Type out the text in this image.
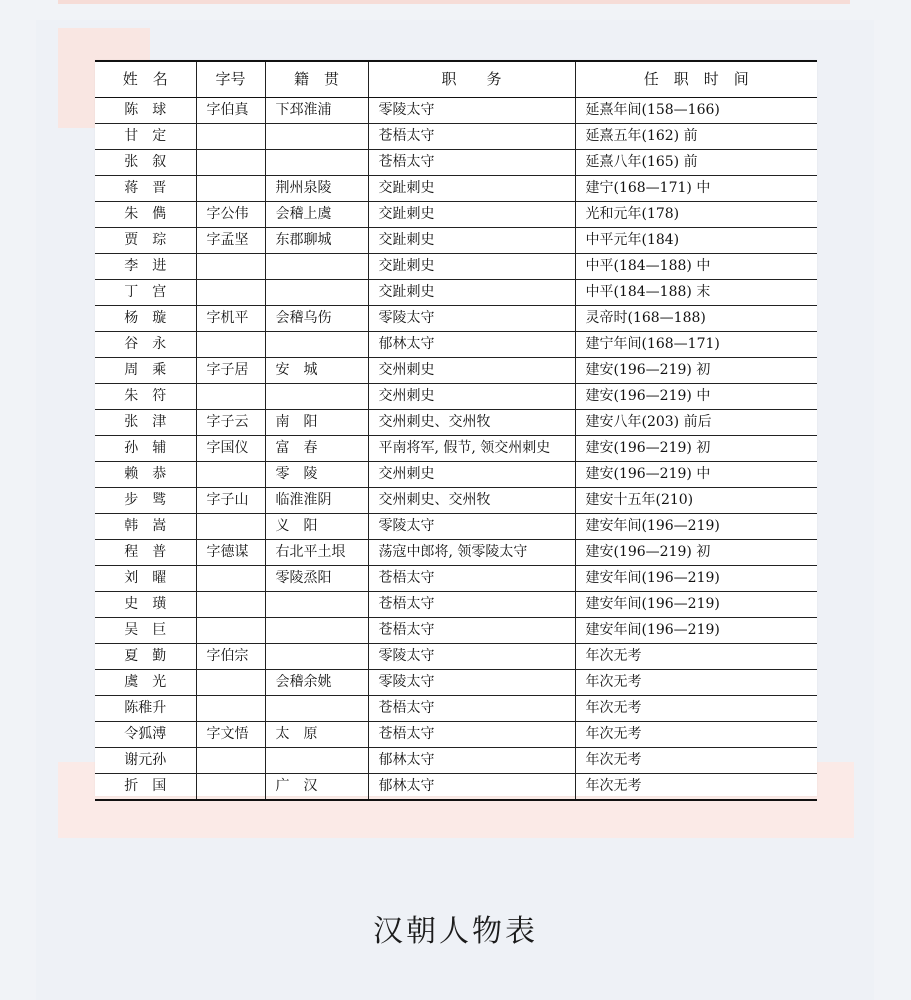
姓　名	字号	籍　贯	职　　务	任　职　时　间
陈　球	字伯真	下邳淮浦	零陵太守	延熹年间(158—166)
甘　定			苍梧太守	延熹五年(162) 前
张　叙			苍梧太守	延熹八年(165) 前
蒋　晋		荆州泉陵	交趾刺史	建宁(168—171) 中
朱　儁	字公伟	会稽上虞	交趾刺史	光和元年(178)
贾　琮	字孟坚	东郡聊城	交趾刺史	中平元年(184)
李　进			交趾刺史	中平(184—188) 中
丁　宫			交趾刺史	中平(184—188) 末
杨　璇	字机平	会稽乌伤	零陵太守	灵帝时(168—188)
谷　永			郁林太守	建宁年间(168—171)
周　乘	字子居	安　城	交州刺史	建安(196—219) 初
朱　符			交州刺史	建安(196—219) 中
张　津	字子云	南　阳	交州刺史、交州牧	建安八年(203) 前后
孙　辅	字国仪	富　春	平南将军, 假节, 领交州刺史	建安(196—219) 初
赖　恭		零　陵	交州刺史	建安(196—219) 中
步　骘	字子山	临淮淮阴	交州刺史、交州牧	建安十五年(210)
韩　嵩		义　阳	零陵太守	建安年间(196—219)
程　普	字德谋	右北平土垠	荡寇中郎将, 领零陵太守	建安(196—219) 初
刘　曜		零陵烝阳	苍梧太守	建安年间(196—219)
史　璜			苍梧太守	建安年间(196—219)
吴　巨			苍梧太守	建安年间(196—219)
夏　勤	字伯宗		零陵太守	年次无考
虞　光		会稽余姚	零陵太守	年次无考
陈稚升			苍梧太守	年次无考
令狐溥	字文悟	太　原	苍梧太守	年次无考
谢元孙			郁林太守	年次无考
折　国		广　汉	郁林太守	年次无考
汉朝人物表
